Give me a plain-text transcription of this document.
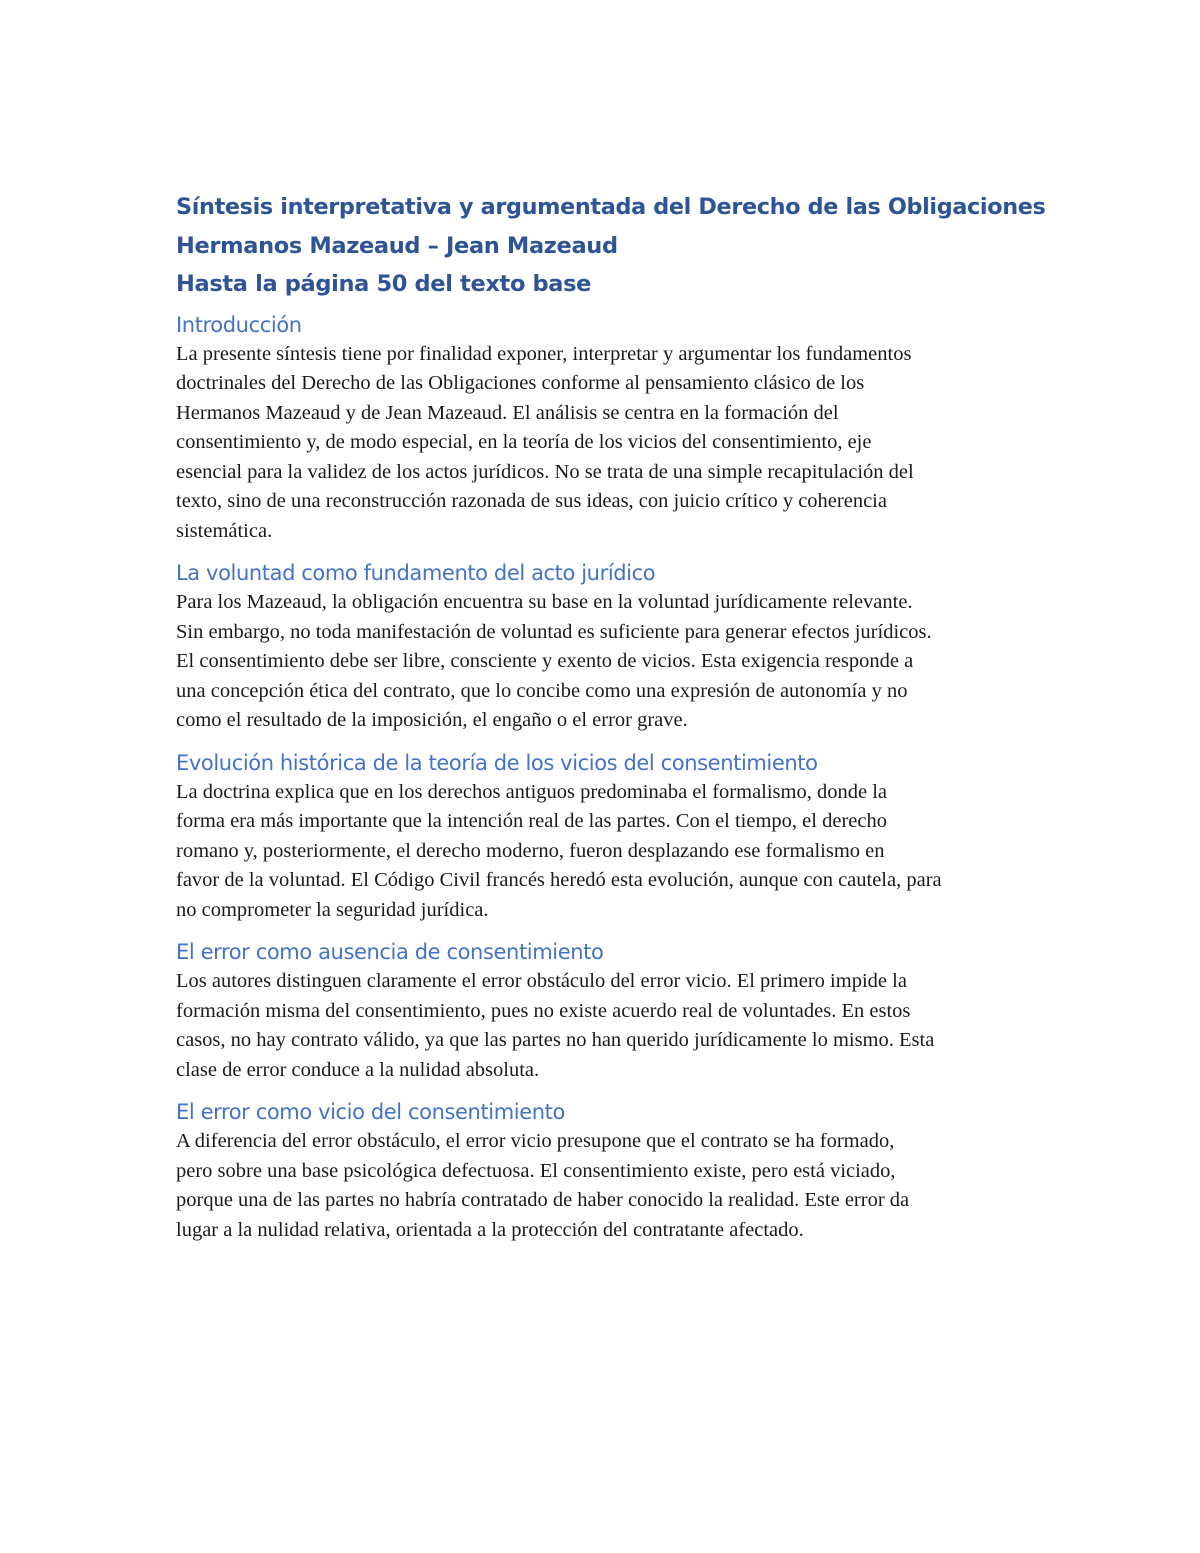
Síntesis interpretativa y argumentada del Derecho de las Obligaciones

Hermanos Mazeaud – Jean Mazeaud

Hasta la página 50 del texto base

Introducción

La presente síntesis tiene por finalidad exponer, interpretar y argumentar los fundamentos
doctrinales del Derecho de las Obligaciones conforme al pensamiento clásico de los
Hermanos Mazeaud y de Jean Mazeaud. El análisis se centra en la formación del
consentimiento y, de modo especial, en la teoría de los vicios del consentimiento, eje
esencial para la validez de los actos jurídicos. No se trata de una simple recapitulación del
texto, sino de una reconstrucción razonada de sus ideas, con juicio crítico y coherencia
sistemática.

La voluntad como fundamento del acto jurídico

Para los Mazeaud, la obligación encuentra su base en la voluntad jurídicamente relevante.
Sin embargo, no toda manifestación de voluntad es suficiente para generar efectos jurídicos.
El consentimiento debe ser libre, consciente y exento de vicios. Esta exigencia responde a
una concepción ética del contrato, que lo concibe como una expresión de autonomía y no
como el resultado de la imposición, el engaño o el error grave.

Evolución histórica de la teoría de los vicios del consentimiento

La doctrina explica que en los derechos antiguos predominaba el formalismo, donde la
forma era más importante que la intención real de las partes. Con el tiempo, el derecho
romano y, posteriormente, el derecho moderno, fueron desplazando ese formalismo en
favor de la voluntad. El Código Civil francés heredó esta evolución, aunque con cautela, para
no comprometer la seguridad jurídica.

El error como ausencia de consentimiento

Los autores distinguen claramente el error obstáculo del error vicio. El primero impide la
formación misma del consentimiento, pues no existe acuerdo real de voluntades. En estos
casos, no hay contrato válido, ya que las partes no han querido jurídicamente lo mismo. Esta
clase de error conduce a la nulidad absoluta.

El error como vicio del consentimiento

A diferencia del error obstáculo, el error vicio presupone que el contrato se ha formado,
pero sobre una base psicológica defectuosa. El consentimiento existe, pero está viciado,
porque una de las partes no habría contratado de haber conocido la realidad. Este error da
lugar a la nulidad relativa, orientada a la protección del contratante afectado.
